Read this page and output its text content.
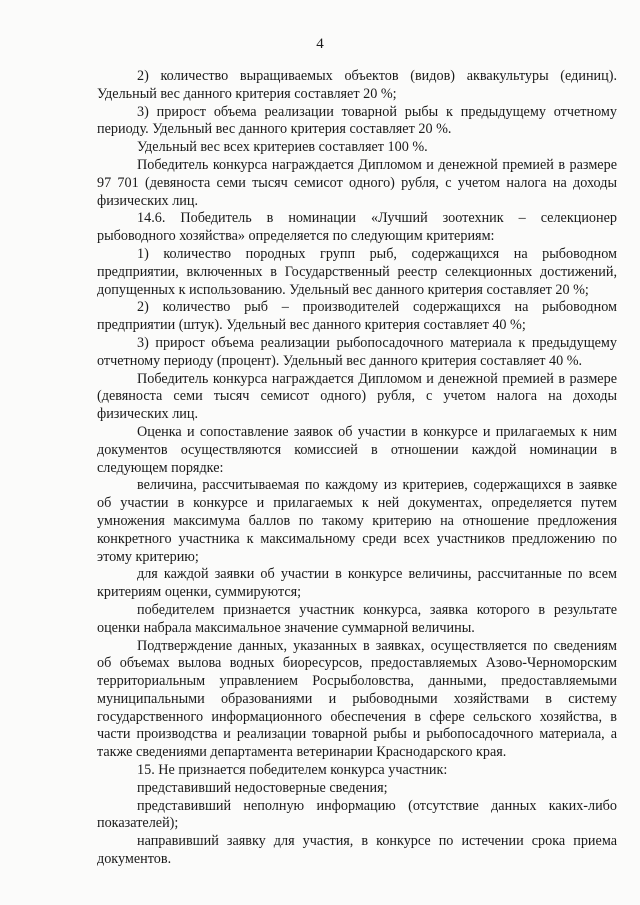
4

2) количество выращиваемых объектов (видов) аквакультуры (единиц). Удельный вес данного критерия составляет 20 %;

3) прирост объема реализации товарной рыбы к предыдущему отчетному периоду. Удельный вес данного критерия составляет 20 %.

Удельный вес всех критериев составляет 100 %.

Победитель конкурса награждается Дипломом и денежной премией в размере 97 701 (девяноста семи тысяч семисот одного) рубля, с учетом налога на доходы физических лиц.

14.6. Победитель в номинации «Лучший зоотехник – селекционер рыбоводного хозяйства» определяется по следующим критериям:

1) количество породных групп рыб, содержащихся на рыбоводном предприятии, включенных в Государственный реестр селекционных достижений, допущенных к использованию. Удельный вес данного критерия составляет 20 %;

2) количество рыб – производителей содержащихся на рыбоводном предприятии (штук). Удельный вес данного критерия составляет 40 %;

3) прирост объема реализации рыбопосадочного материала к предыдущему отчетному периоду (процент). Удельный вес данного критерия составляет 40 %.

Победитель конкурса награждается Дипломом и денежной премией в размере (девяноста семи тысяч семисот одного) рубля, с учетом налога на доходы физических лиц.

Оценка и сопоставление заявок об участии в конкурсе и прилагаемых к ним документов осуществляются комиссией в отношении каждой номинации в следующем порядке:

величина, рассчитываемая по каждому из критериев, содержащихся в заявке об участии в конкурсе и прилагаемых к ней документах, определяется путем умножения максимума баллов по такому критерию на отношение предложения конкретного участника к максимальному среди всех участников предложению по этому критерию;

для каждой заявки об участии в конкурсе величины, рассчитанные по всем критериям оценки, суммируются;

победителем признается участник конкурса, заявка которого в результате оценки набрала максимальное значение суммарной величины.

Подтверждение данных, указанных в заявках, осуществляется по сведениям об объемах вылова водных биоресурсов, предоставляемых Азово-Черноморским территориальным управлением Росрыболовства, данными, предоставляемыми муниципальными образованиями и рыбоводными хозяйствами в систему государственного информационного обеспечения в сфере сельского хозяйства, в части производства и реализации товарной рыбы и рыбопосадочного материала, а также сведениями департамента ветеринарии Краснодарского края.

15. Не признается победителем конкурса участник:

представивший недостоверные сведения;

представивший неполную информацию (отсутствие данных каких-либо показателей);

направивший заявку для участия, в конкурсе по истечении срока приема документов.
